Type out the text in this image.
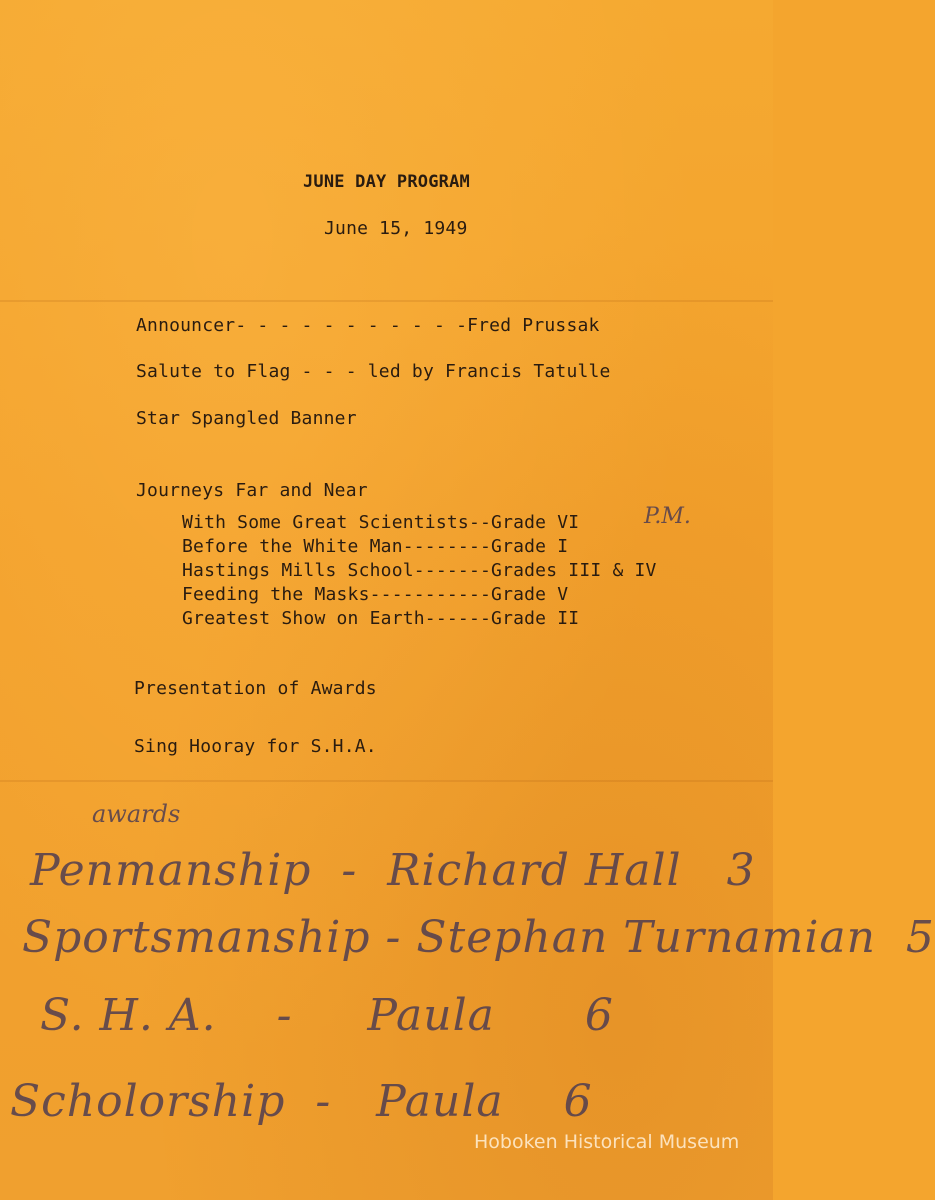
JUNE DAY PROGRAM
June 15, 1949
Announcer- - - - - - - - - - -Fred Prussak
Salute to Flag - - - led by Francis Tatulle
Star Spangled Banner
Journeys Far and Near
With Some Great Scientists--Grade VI
Before the White Man--------Grade I
Hastings Mills School-------Grades III & IV
Feeding the Masks-----------Grade V
Greatest Show on Earth------Grade II
Presentation of Awards
Sing Hooray for S.H.A.
P.M.
awards
Penmanship  -  Richard Hall   3
Sportsmanship - Stephan Turnamian  5
S. H. A.    -     Paula      6
Scholorship  -   Paula    6
Hoboken Historical Museum
